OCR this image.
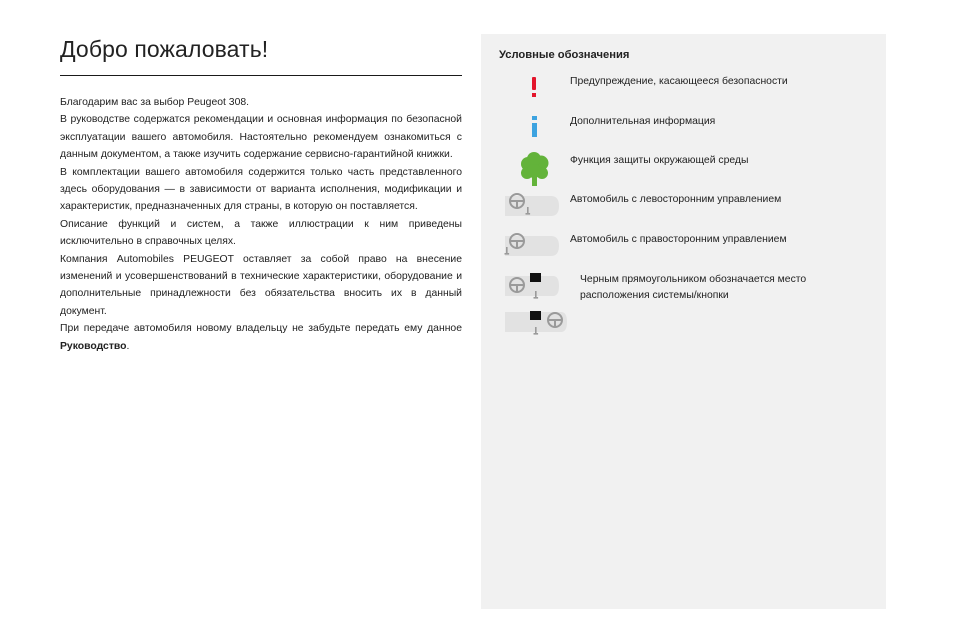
Добро пожаловать!

Благодарим вас за выбор Peugeot 308.

В руководстве содержатся рекомендации и основная информация по безопасной эксплуатации вашего автомобиля. Настоятельно рекомендуем ознакомиться с данным документом, а также изучить содержание сервисно-гарантийной книжки.

В комплектации вашего автомобиля содержится только часть представленного здесь оборудования — в зависимости от варианта исполнения, модификации и характеристик, предназначенных для страны, в которую он поставляется.

Описание функций и систем, а также иллюстрации к ним приведены исключительно в справочных целях.

Компания Automobiles PEUGEOT оставляет за собой право на внесение изменений и усовершенствований в технические характеристики, оборудование и дополнительные принадлежности без обязательства вносить их в данный документ.

При передаче автомобиля новому владельцу не забудьте передать ему данное Руководство.

Условные обозначения
Предупреждение, касающееся безопасности
Дополнительная информация
Функция защиты окружающей среды
Автомобиль с левосторонним управлением
Автомобиль с правосторонним управлением
Черным прямоугольником обозначается место
расположения системы/кнопки
